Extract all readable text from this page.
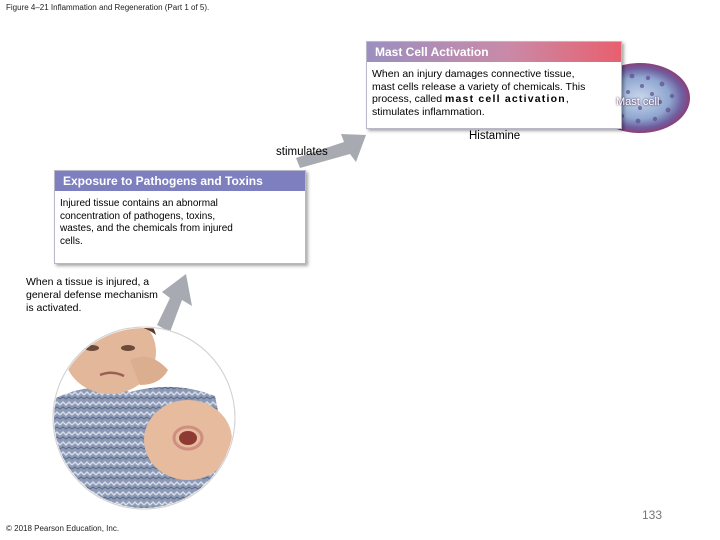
Figure 4–21 Inflammation and Regeneration (Part 1 of 5).
Mast Cell Activation
When an injury damages connective tissue, mast cells release a variety of chemicals. This process, called mast cell activation, stimulates inflammation.
Mast cell
Exposure to Pathogens and Toxins
Injured tissue contains an abnormal concentration of pathogens, toxins, wastes, and the chemicals from injured cells.
stimulates
Histamine
When a tissue is injured, a general defense mechanism is activated.
133
© 2018 Pearson Education, Inc.
